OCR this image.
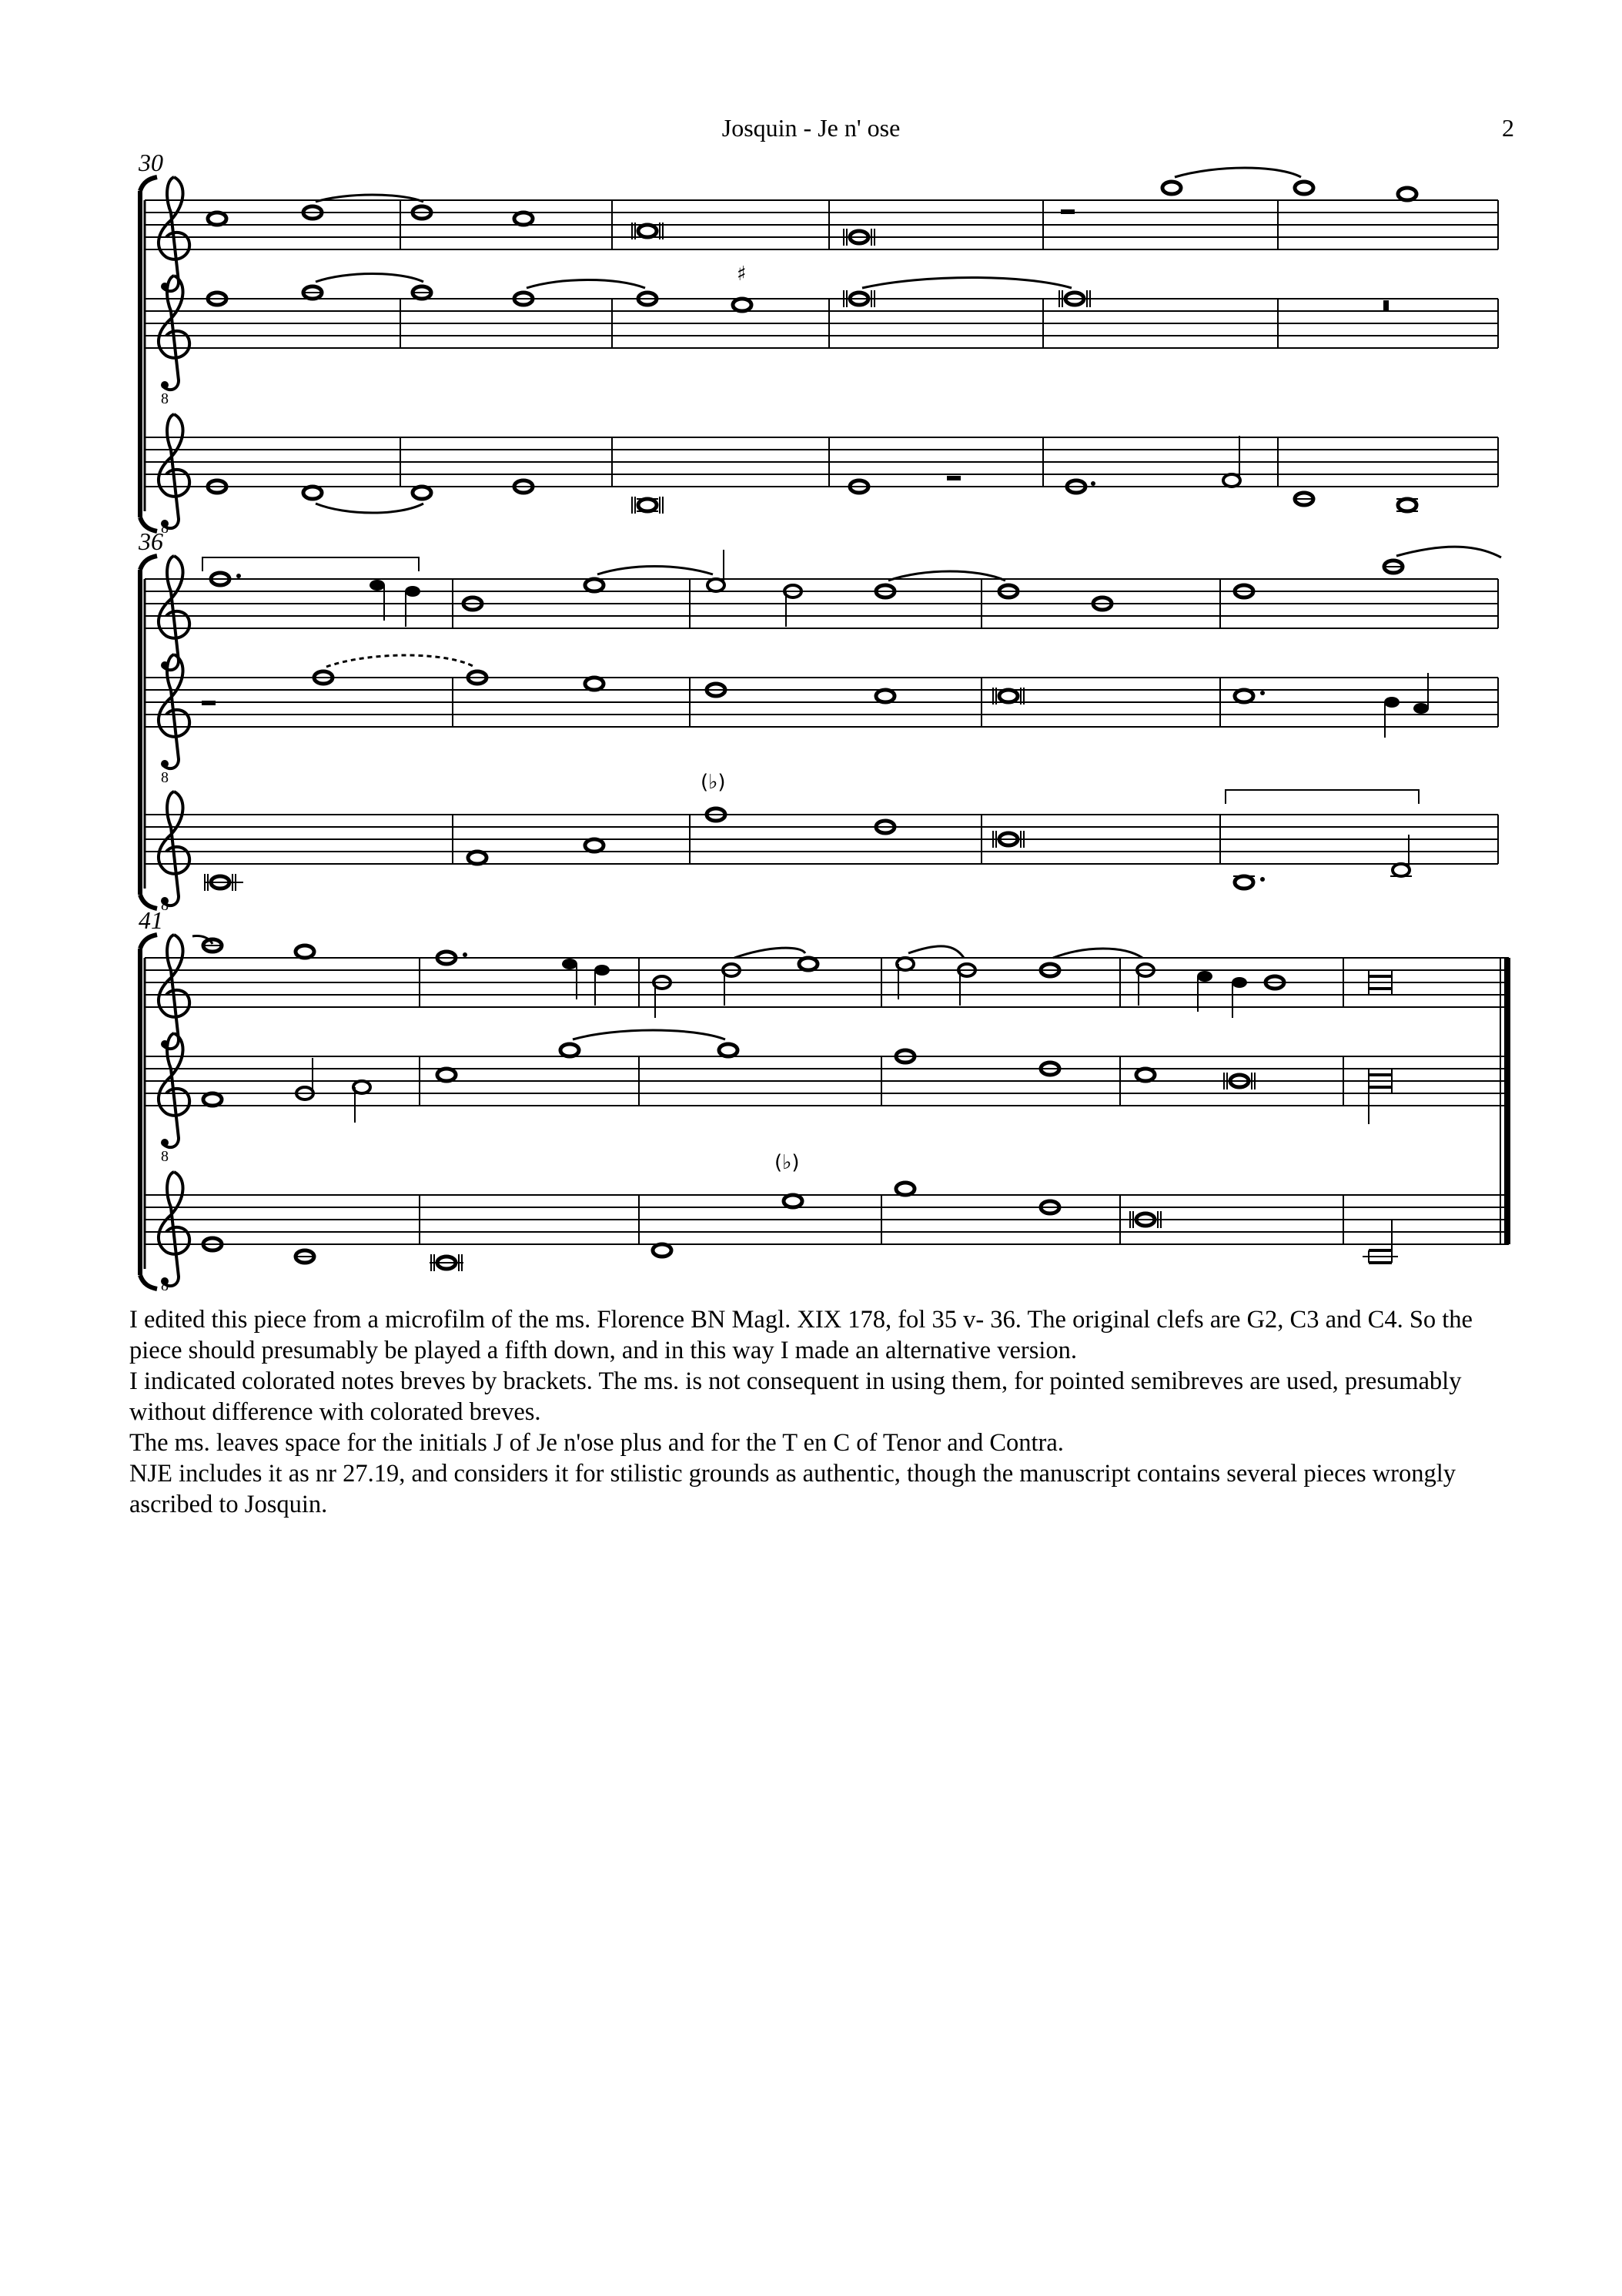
Josquin - Je n' ose	2
30
8
♯
8
36
8
8
(♭)
41
8
8
(♭)

I edited this piece from a microfilm of the ms. Florence BN Magl. XIX 178, fol 35 v- 36. The original clefs are G2, C3 and C4. So the piece should presumably be played a fifth down, and in this way I made an alternative version.

I indicated colorated notes breves by brackets. The ms. is not consequent in using them, for pointed semibreves are used, presumably without difference with colorated breves.

The ms. leaves space for the initials J of Je n'ose plus and for the T en C of Tenor and Contra.

NJE includes it as nr 27.19, and considers it for stilistic grounds as authentic, though the manuscript contains several pieces wrongly ascribed to Josquin.
